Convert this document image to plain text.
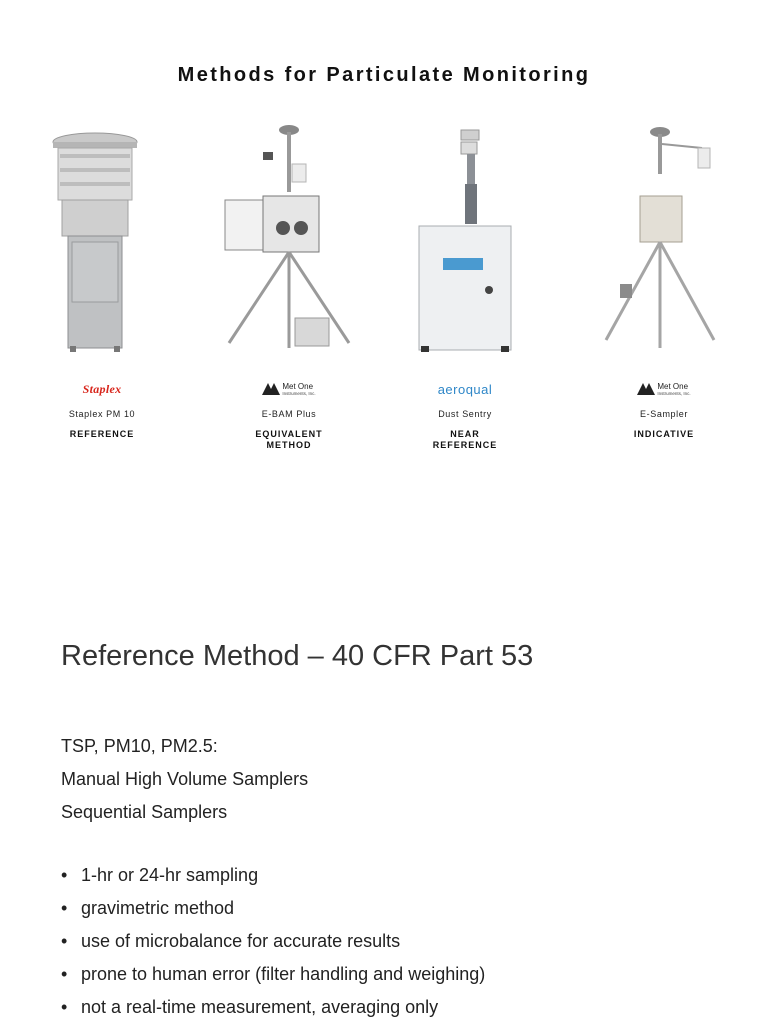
Methods for Particulate Monitoring
Staplex
Staplex PM 10
REFERENCE
Met One
Instruments, Inc.
E-BAM Plus
EQUIVALENT
METHOD
aeroqual
Dust Sentry
NEAR
REFERENCE
Met One
Instruments, Inc.
E-Sampler
INDICATIVE
Reference Method – 40 CFR Part 53
TSP, PM10, PM2.5:
Manual High Volume Samplers
Sequential Samplers
• 1-hr or 24-hr sampling
• gravimetric method
• use of microbalance for accurate results
• prone to human error (filter handling and weighing)
• not a real-time measurement, averaging only
